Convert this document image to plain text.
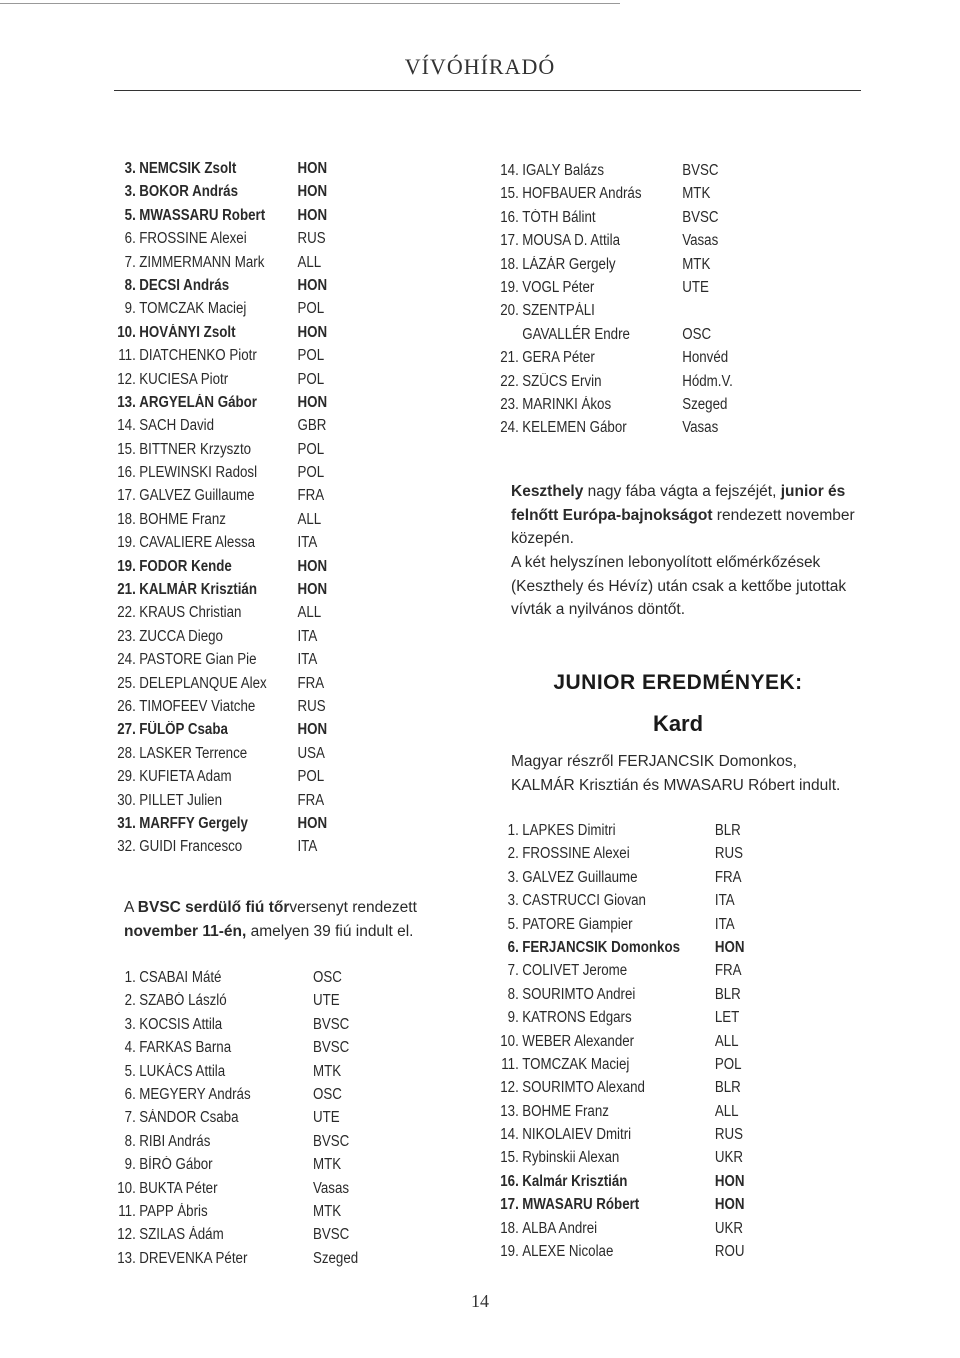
VÍVÓHÍRADÓ
3. NEMCSIK Zsolt	HON
3. BOKOR András	HON
5. MWASSARU Robert HON
6. FROSSINE Alexei	RUS
7. ZIMMERMANN Mark ALL
8. DECSI András	HON
9. TOMCZAK Maciej	POL
10. HOVÁNYI Zsolt	HON
11. DIATCHENKO Piotr	POL
12. KUCIESA Piotr	POL
13. ARGYELÁN Gábor	HON
14. SACH David	GBR
15. BITTNER Krzyszto	POL
16. PLEWINSKI Radosl	POL
17. GALVEZ Guillaume	FRA
18. BOHME Franz	ALL
19. CAVALIERE Alessa	ITA
19. FODOR Kende	HON
21. KALMÁR Krisztián	HON
22. KRAUS Christian	ALL
23. ZUCCA Diego	ITA
24. PASTORE Gian Pie	ITA
25. DELEPLANQUE Alex FRA
26. TIMOFEEV Viatche	RUS
27. FÜLÖP Csaba	HON
28. LASKER Terrence	USA
29. KUFIETA Adam	POL
30. PILLET Julien	FRA
31. MARFFY Gergely	HON
32. GUIDI Francesco	ITA

A BVSC serdülő fiú tőrversenyt rendezett november 11-én, amelyen 39 fiú indult el.

1. CSABAI Máté	OSC
2. SZABÓ László	UTE
3. KOCSIS Attila	BVSC
4. FARKAS Barna	BVSC
5. LUKÁCS Attila	MTK
6. MEGYERY András	OSC
7. SÁNDOR Csaba	UTE
8. RIBI András	BVSC
9. BÍRÓ Gábor	MTK
10. BUKTA Péter	Vasas
11. PAPP Ábris	MTK
12. SZILAS Ádám	BVSC
13. DREVENKA Péter	Szeged
14. IGALY Balázs	BVSC
15. HOFBAUER András	MTK
16. TÓTH Bálint	BVSC
17. MOUSA D. Attila	Vasas
18. LÁZÁR Gergely	MTK
19. VOGL Péter	UTE
20. SZENTPÁLI
GAVALLÉR Endre	OSC
21. GERA Péter	Honvéd
22. SZŰCS Ervin	Hódm.V.
23. MARINKI Ákos	Szeged
24. KELEMEN Gábor	Vasas

Keszthely nagy fába vágta a fejszéjét, junior és felnőtt Európa-bajnokságot rendezett november közepén.

A két helyszínen lebonyolított előmérkőzések (Keszthely és Hévíz) után csak a kettőbe jutottak vívták a nyilvános döntőt.

JUNIOR EREDMÉNYEK:
Kard

Magyar részről FERJANCSIK Domonkos, KALMÁR Krisztián és MWASARU Róbert indult.

1. LAPKES Dimitri	BLR
2. FROSSINE Alexei	RUS
3. GALVEZ Guillaume	FRA
3. CASTRUCCI Giovan	ITA
5. PATORE Giampier	ITA
6. FERJANCSIK Domonkos HON
7. COLIVET Jerome	FRA
8. SOURIMTO Andrei	BLR
9. KATRONS Edgars	LET
10. WEBER Alexander	ALL
11. TOMCZAK Maciej	POL
12. SOURIMTO Alexand	BLR
13. BOHME Franz	ALL
14. NIKOLAIEV Dmitri	RUS
15. Rybinskii Alexan	UKR
16. Kalmár Krisztián	HON
17. MWASARU Róbert	HON
18. ALBA Andrei	UKR
19. ALEXE Nicolae	ROU
14
